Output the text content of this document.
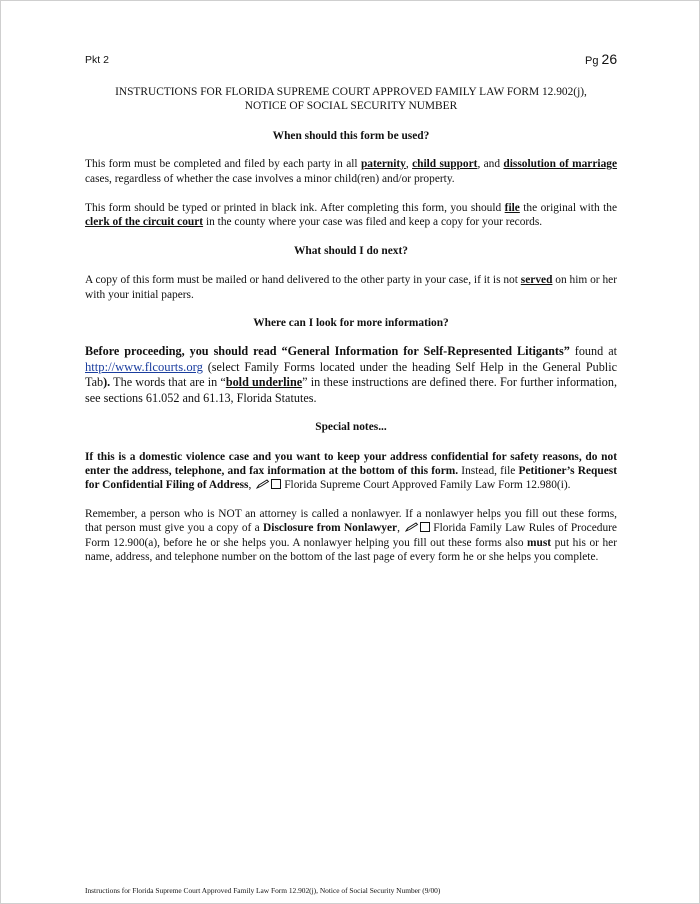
Pkt 2	Pg 26
INSTRUCTIONS FOR FLORIDA SUPREME COURT APPROVED FAMILY LAW FORM 12.902(j),
NOTICE OF SOCIAL SECURITY NUMBER
When should this form be used?

This form must be completed and filed by each party in all paternity, child support, and dissolution of marriage cases, regardless of whether the case involves a minor child(ren) and/or property.

This form should be typed or printed in black ink. After completing this form, you should file the original with the clerk of the circuit court in the county where your case was filed and keep a copy for your records.

What should I do next?

A copy of this form must be mailed or hand delivered to the other party in your case, if it is not served on him or her with your initial papers.

Where can I look for more information?

Before proceeding, you should read “General Information for Self-Represented Litigants” found at http://www.flcourts.org (select Family Forms located under the heading Self Help in the General Public Tab). The words that are in “bold underline” in these instructions are defined there. For further information, see sections 61.052 and 61.13, Florida Statutes.

Special notes...

If this is a domestic violence case and you want to keep your address confidential for safety reasons, do not enter the address, telephone, and fax information at the bottom of this form. Instead, file Petitioner’s Request for Confidential Filing of Address,	Florida Supreme Court Approved Family Law Form 12.980(i).

Remember, a person who is NOT an attorney is called a nonlawyer. If a nonlawyer helps you fill out these forms, that person must give you a copy of a Disclosure from Nonlawyer,	Florida Family Law Rules of Procedure Form 12.900(a), before he or she helps you. A nonlawyer helping you fill out these forms also must put his or her name, address, and telephone number on the bottom of the last page of every form he or she helps you complete.

Instructions for Florida Supreme Court Approved Family Law Form 12.902(j), Notice of Social Security Number (9/00)
